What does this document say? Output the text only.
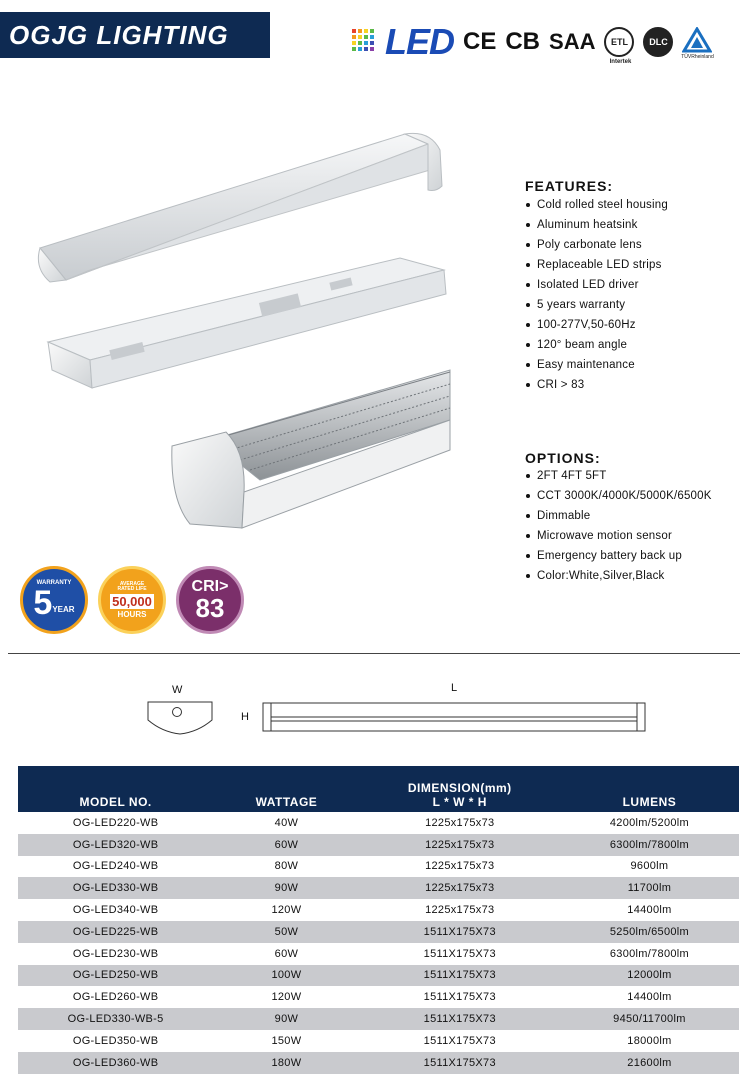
OGJG LIGHTING	LED CE CB SAA ETL
Intertek
DLC
TÜVRheinland
FEATURES:
Cold rolled steel housing
Aluminum heatsink
Poly carbonate lens
Replaceable LED strips
Isolated LED driver
5 years warranty
100-277V,50-60Hz
120° beam angle
Easy maintenance
CRI > 83
OPTIONS:
2FT 4FT 5FT
CCT 3000K/4000K/5000K/6500K
Dimmable
Microwave motion sensor
Emergency battery back up
Color:White,Silver,Black
WARRANTY
5 YEAR
AVERAGE RATED LIFE
50,000
HOURS
CRI>
83
W
H
L
MODEL NO.	WATTAGE	DIMENSION(mm)
L * W * H	LUMENS
OG-LED220-WB	40W	1225x175x73	4200lm/5200lm
OG-LED320-WB	60W	1225x175x73	6300lm/7800lm
OG-LED240-WB	80W	1225x175x73	9600lm
OG-LED330-WB	90W	1225x175x73	11700lm
OG-LED340-WB	120W	1225x175x73	14400lm
OG-LED225-WB	50W	1511X175X73	5250lm/6500lm
OG-LED230-WB	60W	1511X175X73	6300lm/7800lm
OG-LED250-WB	100W	1511X175X73	12000lm
OG-LED260-WB	120W	1511X175X73	14400lm
OG-LED330-WB-5	90W	1511X175X73	9450/11700lm
OG-LED350-WB	150W	1511X175X73	18000lm
OG-LED360-WB	180W	1511X175X73	21600lm
